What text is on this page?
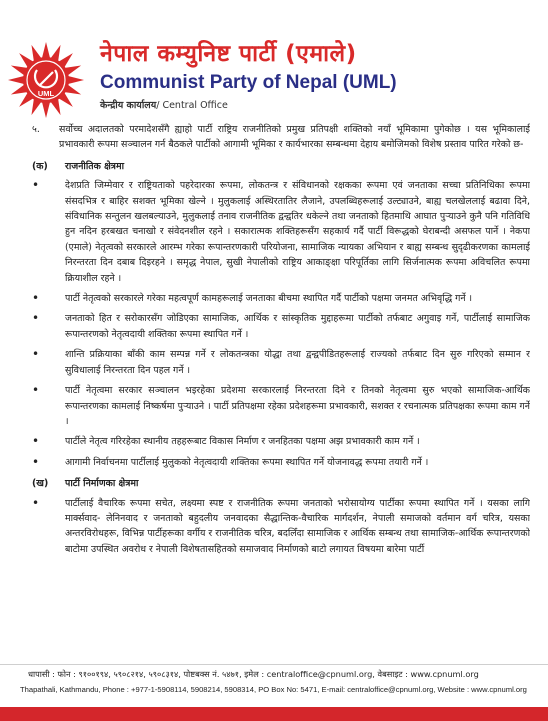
UML
नेपाल कम्युनिष्ट पार्टी (एमाले)
Communist Party of Nepal (UML)
केन्द्रीय कार्यालय/ Central Office
५.	सर्वोच्च अदालतको परमादेशसँगै ह्याहो पार्टी राष्ट्रिय राजनीतिको प्रमुख प्रतिपक्षी शक्तिको नयाँ भूमिकामा पुगेकोछ । यस भूमिकालाई प्रभावकारी रूपमा सञ्चालन गर्न बैठकले पार्टीको आगामी भूमिका र कार्यभारका सम्बन्धमा देहाय बमोजिमको विशेष प्रस्ताव पारित गरेको छ-
(क)	राजनीतिक क्षेत्रमा
• देशप्रति जिम्मेवार र राष्ट्रियताको पहरेदारका रूपमा, लोकतन्त्र र संविधानको रक्षकका रूपमा एवं जनताका सच्चा प्रतिनिधिका रूपमा संसदभित्र र बाहिर सशक्त भूमिका खेल्ने । मुलुकलाई अस्थिरतातिर लैजाने, उपलब्धिहरूलाई उल्ट्याउने, बाह्य चलखेललाई बढावा दिने, संविधानिक सन्तुलन खलबल्याउने, मुलुकलाई तनाव राजनीतिक द्वन्द्वतिर धकेल्ने तथा जनताको हितमाथि आघात पुऱ्याउने कुनै पनि गतिविधि हुन नदिन हरबखत चनाखो र संवेदनशील रहने । सकारात्मक शक्तिहरूसँग सहकार्य गर्दै पार्टी विरूद्धको घेराबन्दी असफल पार्ने । नेकपा (एमाले) नेतृत्वको सरकारले आरम्भ गरेका रूपान्तरणकारी परियोजना, सामाजिक न्यायका अभियान र बाह्य सम्बन्ध सुदृढीकरणका कामलाई निरन्तरता दिन दबाब दिइरहने । समृद्ध नेपाल, सुखी नेपालीको राष्ट्रिय आकाङ्क्षा परिपूर्तिका लागि सिर्जनात्मक रूपमा अविचलित रूपमा क्रियाशील रहने ।
• पार्टी नेतृत्वको सरकारले गरेका महत्वपूर्ण कामहरूलाई जनताका बीचमा स्थापित गर्दै पार्टीको पक्षमा जनमत अभिवृद्धि गर्ने ।
• जनताको हित र सरोकारसँग जोडिएका सामाजिक, आर्थिक र सांस्कृतिक मुद्दाहरूमा पार्टीको तर्फबाट अगुवाइ गर्ने, पार्टीलाई सामाजिक रूपान्तरणको नेतृत्वदायी शक्तिका रूपमा स्थापित गर्ने ।
• शान्ति प्रक्रियाका बाँकी काम सम्पन्न गर्ने र लोकतन्त्रका योद्धा तथा द्वन्द्वपीडितहरूलाई राज्यको तर्फबाट दिन सुरु गरिएको सम्मान र सुविधालाई निरन्तरता दिन पहल गर्ने ।
• पार्टी नेतृत्वमा सरकार सञ्चालन भइरहेका प्रदेशमा सरकारलाई निरन्तरता दिने र तिनको नेतृत्वमा सुरु भएको सामाजिक-आर्थिक रूपान्तरणका कामलाई निष्कर्षमा पुऱ्याउने । पार्टी प्रतिपक्षमा रहेका प्रदेशहरूमा प्रभावकारी, सशक्त र रचनात्मक प्रतिपक्षका रूपमा काम गर्ने ।
• पार्टीले नेतृत्व गरिरहेका स्थानीय तहहरूबाट विकास निर्माण र जनहितका पक्षमा अझ प्रभावकारी काम गर्ने ।
• आगामी निर्वाचनमा पार्टीलाई मुलुकको नेतृत्वदायी शक्तिका रूपमा स्थापित गर्ने योजनावद्ध रूपमा तयारी गर्ने ।
(ख)	पार्टी निर्माणका क्षेत्रमा
• पार्टीलाई वैचारिक रूपमा सचेत, लक्ष्यमा स्पष्ट र राजनीतिक रूपमा जनताको भरोसायोग्य पार्टीका रूपमा स्थापित गर्ने । यसका लागि मार्क्सवाद- लेनिनवाद र जनताको बहुदलीय जनवादका सैद्धान्तिक-वैचारिक मार्गदर्शन, नेपाली समाजको वर्तमान वर्ग चरित्र, यसका अन्तरविरोधहरू, विभिन्न पार्टीहरूका वर्गीय र राजनीतिक चरित्र, बदलिँदा सामाजिक र आर्थिक सम्बन्ध तथा सामाजिक-आर्थिक रूपान्तरणको बाटोमा उपस्थित अवरोध र नेपाली विशेषतासहितको समाजवाद निर्माणको बाटो लगायत विषयमा बारेमा पार्टी
धापासी : फोन : ९१००१९४, ५९०८२१४, ५९०८३१४, पोष्टबक्स नं. ५४७१, इमेल : centraloffice@cpnuml.org, वेबसाइट : www.cpnuml.org
Thapathali, Kathmandu, Phone : +977-1-5908114, 5908214, 5908314, PO Box No: 5471, E-mail: centraloffice@cpnuml.org, Website : www.cpnuml.org
